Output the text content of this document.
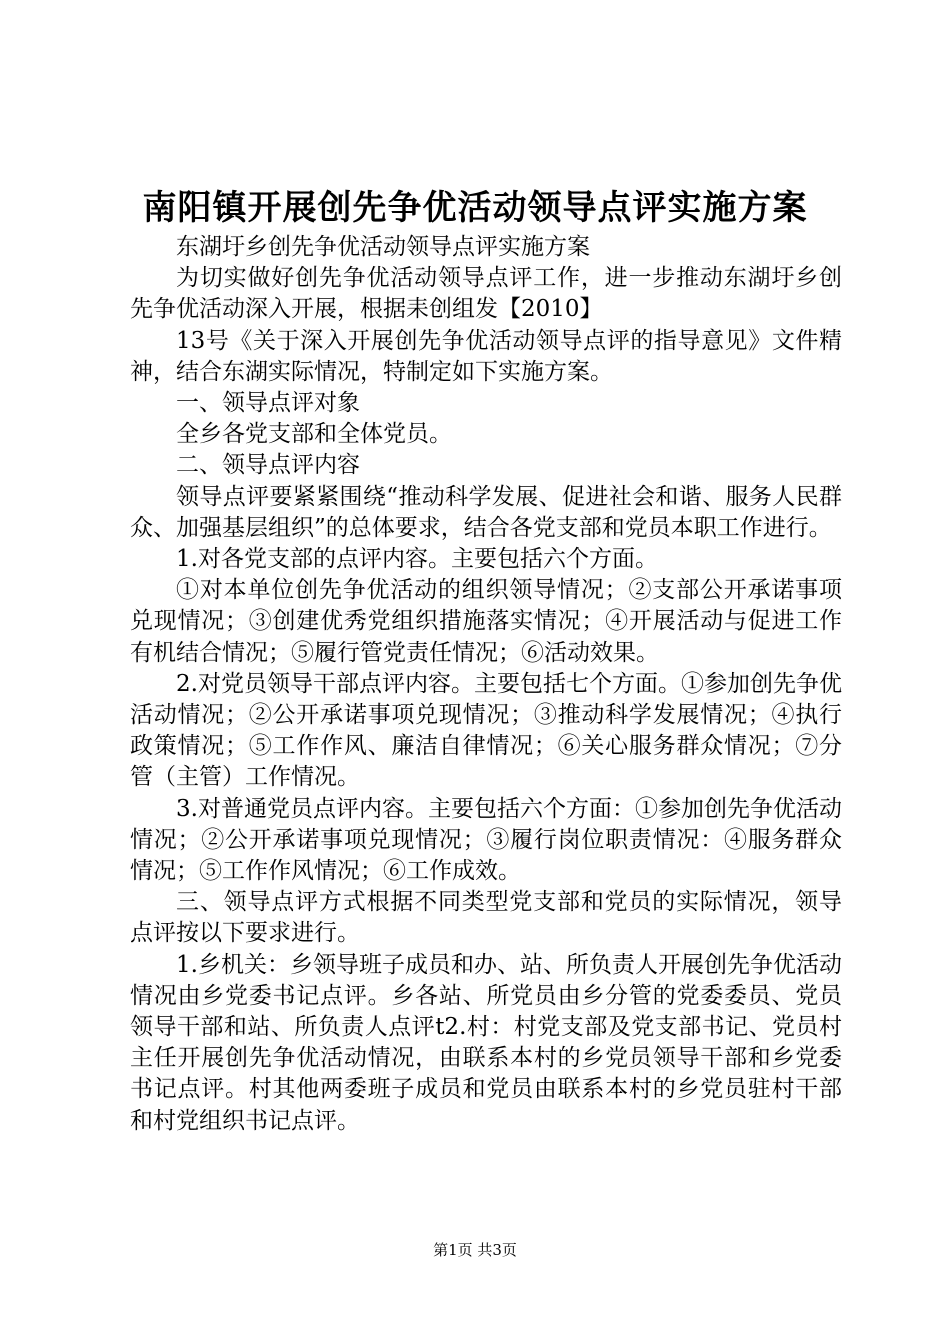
南阳镇开展创先争优活动领导点评实施方案

东湖圩乡创先争优活动领导点评实施方案

为切实做好创先争优活动领导点评工作，进一步推动东湖圩乡创先争优活动深入开展，根据耒创组发【2010】

13号《关于深入开展创先争优活动领导点评的指导意见》文件精神，结合东湖实际情况，特制定如下实施方案。

一、领导点评对象

全乡各党支部和全体党员。

二、领导点评内容

领导点评要紧紧围绕“推动科学发展、促进社会和谐、服务人民群众、加强基层组织”的总体要求，结合各党支部和党员本职工作进行。

1.对各党支部的点评内容。主要包括六个方面。

①对本单位创先争优活动的组织领导情况；②支部公开承诺事项兑现情况；③创建优秀党组织措施落实情况；④开展活动与促进工作有机结合情况；⑤履行管党责任情况；⑥活动效果。

2.对党员领导干部点评内容。主要包括七个方面。①参加创先争优活动情况；②公开承诺事项兑现情况；③推动科学发展情况；④执行政策情况；⑤工作作风、廉洁自律情况；⑥关心服务群众情况；⑦分管（主管）工作情况。

3.对普通党员点评内容。主要包括六个方面：①参加创先争优活动情况；②公开承诺事项兑现情况；③履行岗位职责情况：④服务群众情况；⑤工作作风情况；⑥工作成效。

三、领导点评方式根据不同类型党支部和党员的实际情况，领导点评按以下要求进行。

1.乡机关：乡领导班子成员和办、站、所负责人开展创先争优活动情况由乡党委书记点评。乡各站、所党员由乡分管的党委委员、党员领导干部和站、所负责人点评t2.村：村党支部及党支部书记、党员村主任开展创先争优活动情况，由联系本村的乡党员领导干部和乡党委书记点评。村其他两委班子成员和党员由联系本村的乡党员驻村干部和村党组织书记点评。

第1页 共3页
